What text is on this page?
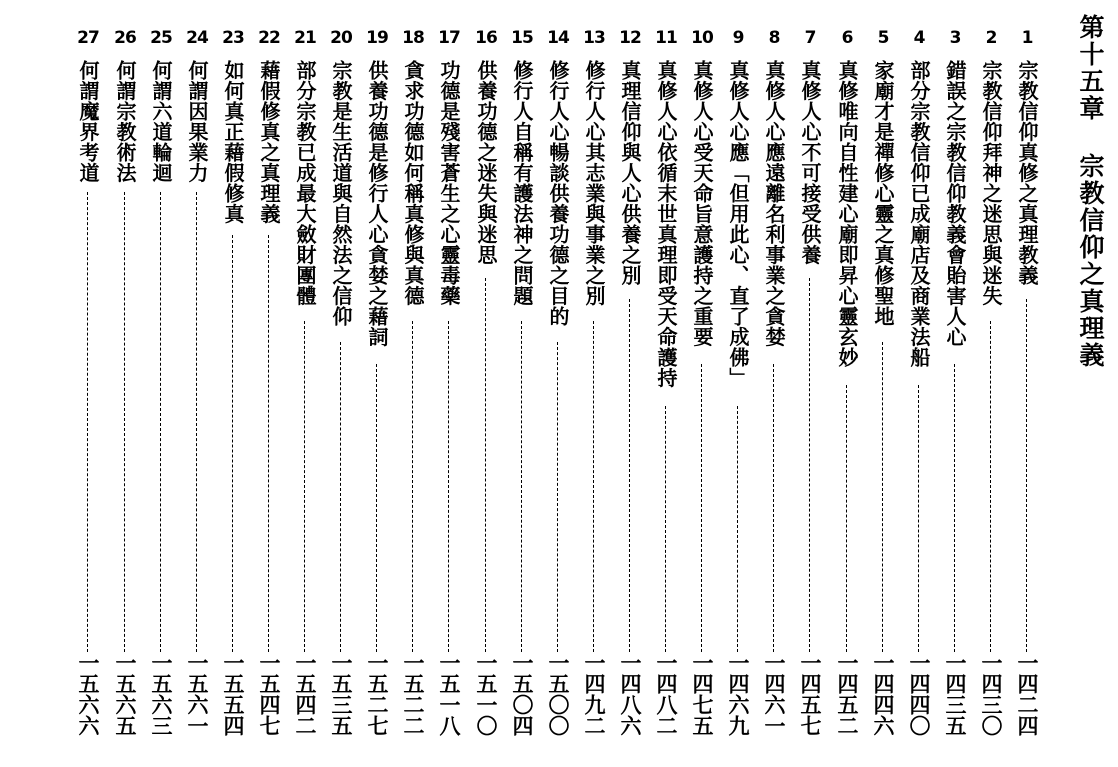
第十五章 宗教信仰之真理義
1
宗教信仰真修之真理教義
一四二四
2
宗教信仰拜神之迷思與迷失
一四三〇
3
錯誤之宗教信仰教義會貽害人心
一四三五
4
部分宗教信仰已成廟店及商業法船
一四四〇
5
家廟才是禪修心靈之真修聖地
一四四六
6
真修唯向自性建心廟即昇心靈玄妙
一四五二
7
真修人心不可接受供養
一四五七
8
真修人心應遠離名利事業之貪婪
一四六一
9
真修人心應「但用此心、直了成佛」
一四六九
10
真修人心受天命旨意護持之重要
一四七五
11
真修人心依循末世真理即受天命護持
一四八二
12
真理信仰與人心供養之別
一四八六
13
修行人心其志業與事業之別
一四九二
14
修行人心暢談供養功德之目的
一五〇〇
15
修行人自稱有護法神之問題
一五〇四
16
供養功德之迷失與迷思
一五一〇
17
功德是殘害蒼生之心靈毒藥
一五一八
18
貪求功德如何稱真修與真德
一五二二
19
供養功德是修行人心貪婪之藉詞
一五二七
20
宗教是生活道與自然法之信仰
一五三五
21
部分宗教已成最大斂財團體
一五四二
22
藉假修真之真理義
一五四七
23
如何真正藉假修真
一五五四
24
何謂因果業力
一五六一
25
何謂六道輪迴
一五六三
26
何謂宗教術法
一五六五
27
何謂魔界考道
一五六六
